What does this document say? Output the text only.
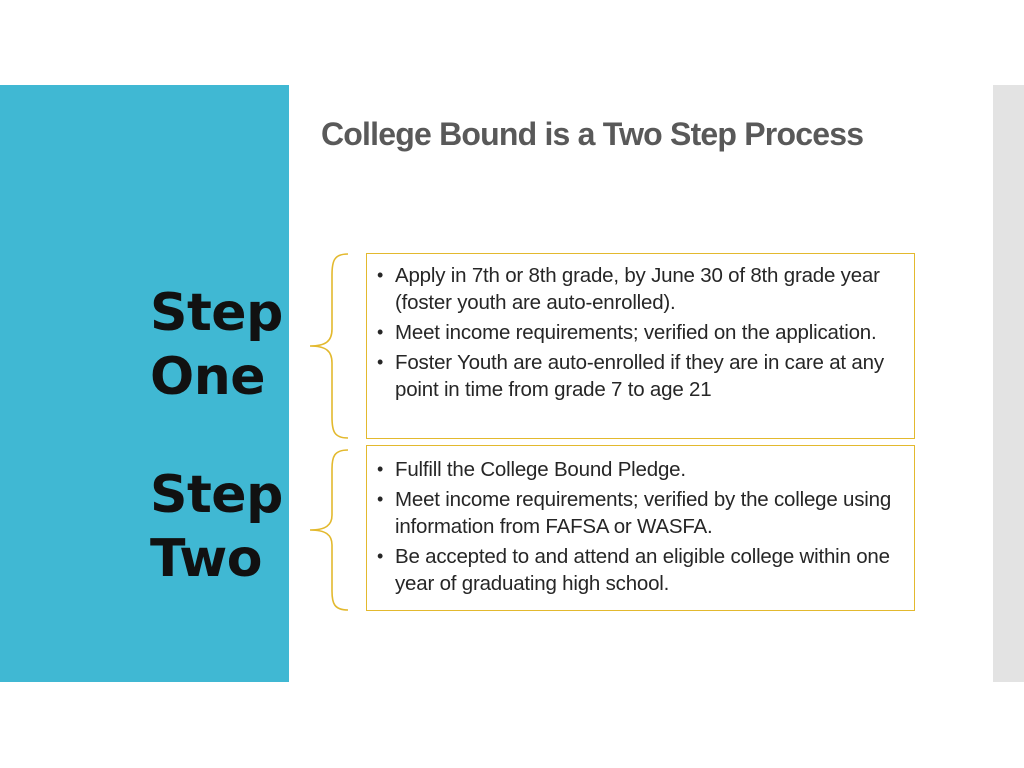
College Bound is a Two Step Process
Step
One
• Apply in 7th or 8th grade, by June 30 of 8th grade year (foster youth are auto-enrolled).
• Meet income requirements; verified on the application.
• Foster Youth are auto-enrolled if they are in care at any point in time from grade 7 to age 21
Step
Two
• Fulfill the College Bound Pledge.
• Meet income requirements; verified by the college using information from FAFSA or WASFA.
• Be accepted to and attend an eligible college within one year of graduating high school.
